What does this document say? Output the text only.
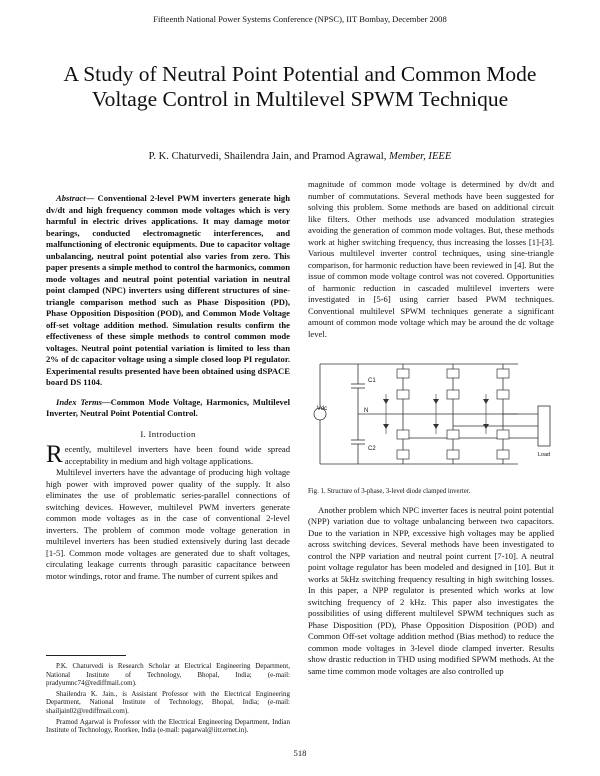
Fifteenth National Power Systems Conference (NPSC), IIT Bombay, December 2008
A Study of Neutral Point Potential and Common Mode Voltage Control in Multilevel SPWM Technique
P. K. Chaturvedi, Shailendra Jain, and Pramod Agrawal, Member, IEEE

Abstract— Conventional 2-level PWM inverters generate high dv/dt and high frequency common mode voltages which is very harmful in electric drives applications. It may damage motor bearings, conducted electromagnetic interferences, and malfunctioning of electronic equipments. Due to capacitor voltage unbalancing, neutral point potential also varies from zero. This paper presents a simple method to control the harmonics, common mode voltages and neutral point potential variation in neutral point clamped (NPC) inverters using different structures of sine-triangle comparison method such as Phase Disposition (PD), Phase Opposition Disposition (POD), and Common Mode Voltage off-set voltage addition method. Simulation results confirm the effectiveness of these simple methods to control common mode voltages. Neutral point potential variation is limited to less than 2% of dc capacitor voltage using a simple closed loop PI regulator. Experimental results presented have been obtained using dSPACE board DS 1104.

Index Terms—Common Mode Voltage, Harmonics, Multilevel Inverter, Neutral Point Potential Control.

I. Introduction

Recently, multilevel inverters have been found wide spread acceptability in medium and high voltage applications.

Multilevel inverters have the advantage of producing high voltage high power with improved power quality of the supply. It also eliminates the use of problematic series-parallel connections of switching devices. However, multilevel PWM inverters generate common mode voltages as in the case of conventional 2-level inverters. The problem of common mode voltage generation in multilevel inverters has been studied extensively during last decade [1-5]. Common mode voltages are generated due to shaft voltages, circulating leakage currents through parasitic capacitance between motor windings, rotor and frame. The number of current spikes and

P.K. Chaturvedi is Research Scholar at Electrical Engineering Department, National Institute of Technology, Bhopal, India; (e-mail: pradyumnc74@rediffmail.com).

Shailendra K. Jain., is Assistant Professor with the Electrical Engineering Department, National Institute of Technology, Bhopal, India; (e-mail: shailjain02@rediffmail.com).

Pramod Agarwal is Professor with the Electrical Engineering Department, Indian Institute of Technology, Roorkee, India (e-mail: pagarwal@iitr.ernet.in).

magnitude of common mode voltage is determined by dv/dt and number of commutations. Several methods have been suggested for solving this problem. Some methods are based on additional circuit like filters. Other methods use advanced modulation strategies avoiding the generation of common mode voltages. But, these methods work at higher switching frequency, thus increasing the losses [1]-[3]. Various multilevel inverter control techniques, using sine-triangle comparison, for harmonic reduction have been reviewed in [4]. But the issue of common mode voltage control was not covered. Opportunities of harmonic reduction in cascaded multilevel inverters were investigated in [5-6] using carrier based PWM techniques. Conventional multilevel SPWM techniques generate a significant amount of common mode voltage which may be around the dc voltage level.

Vdc
C1
C2
N
Load
Fig. 1. Structure of 3-phase, 3-level diode clamped inverter.

Another problem which NPC inverter faces is neutral point potential (NPP) variation due to voltage unbalancing between two capacitors. Due to the variation in NPP, excessive high voltages may be applied across switching devices. Several methods have been investigated to control the NPP variation and neutral point current [7-10]. A neutral point voltage regulator has been modeled and designed in [10]. But it works at 5kHz switching frequency resulting in high switching losses. In this paper, a NPP regulator is presented which works at low switching frequency of 2 kHz. This paper also investigates the possibilities of using different multilevel SPWM techniques such as Phase Disposition (PD), Phase Opposition Disposition (POD) and Common Off-set voltage addition method (Bias method) to reduce the common mode voltages in 3-level diode clamped inverter. Results show drastic reduction in THD using modified SPWM methods. At the same time common mode voltages are also controlled up

518
